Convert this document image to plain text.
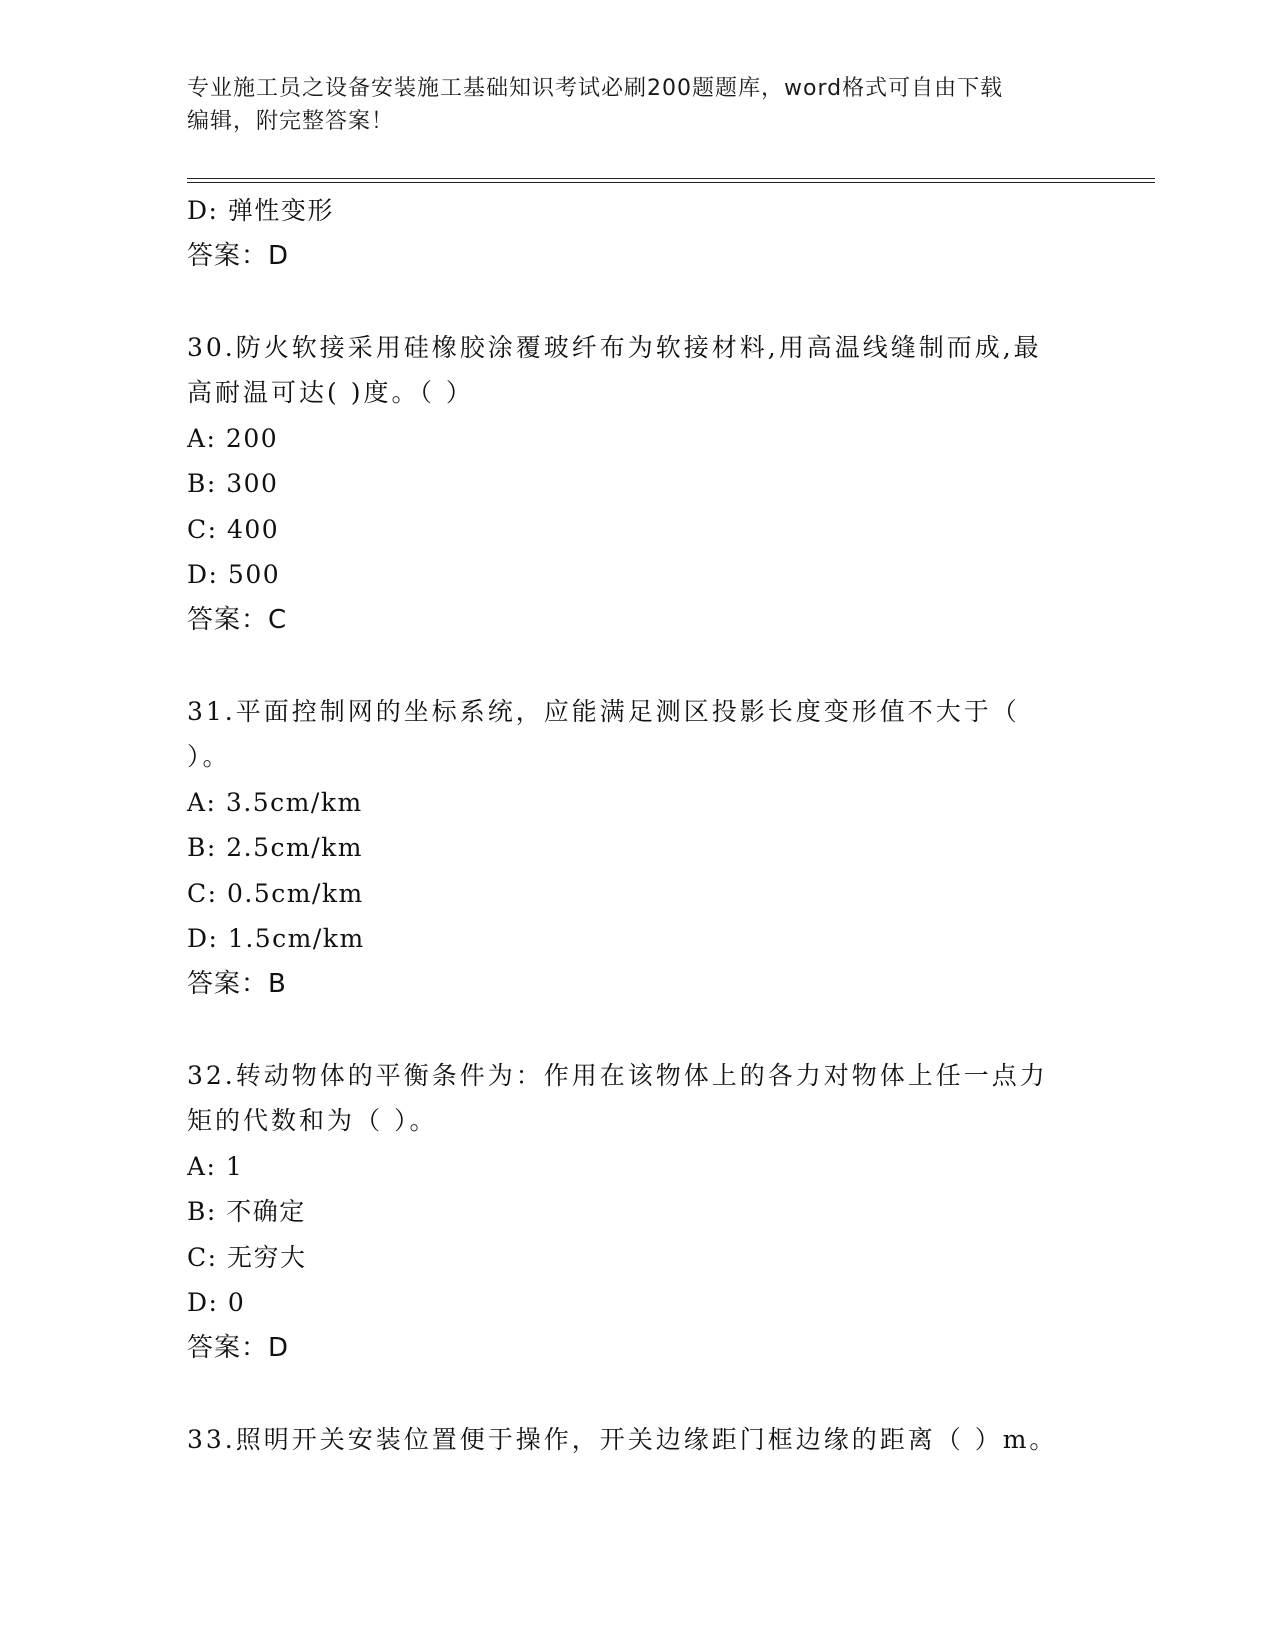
专业施工员之设备安装施工基础知识考试必刷200题题库，word格式可自由下载
编辑，附完整答案！
D: 弹性变形
答案：D
30.防火软接采用硅橡胶涂覆玻纤布为软接材料,用高温线缝制而成,最
高耐温可达( )度。（ ）
A: 200
B: 300
C: 400
D: 500
答案：C
31.平面控制网的坐标系统，应能满足测区投影长度变形值不大于（
）。
A: 3.5cm/km
B: 2.5cm/km
C: 0.5cm/km
D: 1.5cm/km
答案：B
32.转动物体的平衡条件为：作用在该物体上的各力对物体上任一点力
矩的代数和为（ ）。
A: 1
B: 不确定
C: 无穷大
D: 0
答案：D
33.照明开关安装位置便于操作，开关边缘距门框边缘的距离（ ）m。
